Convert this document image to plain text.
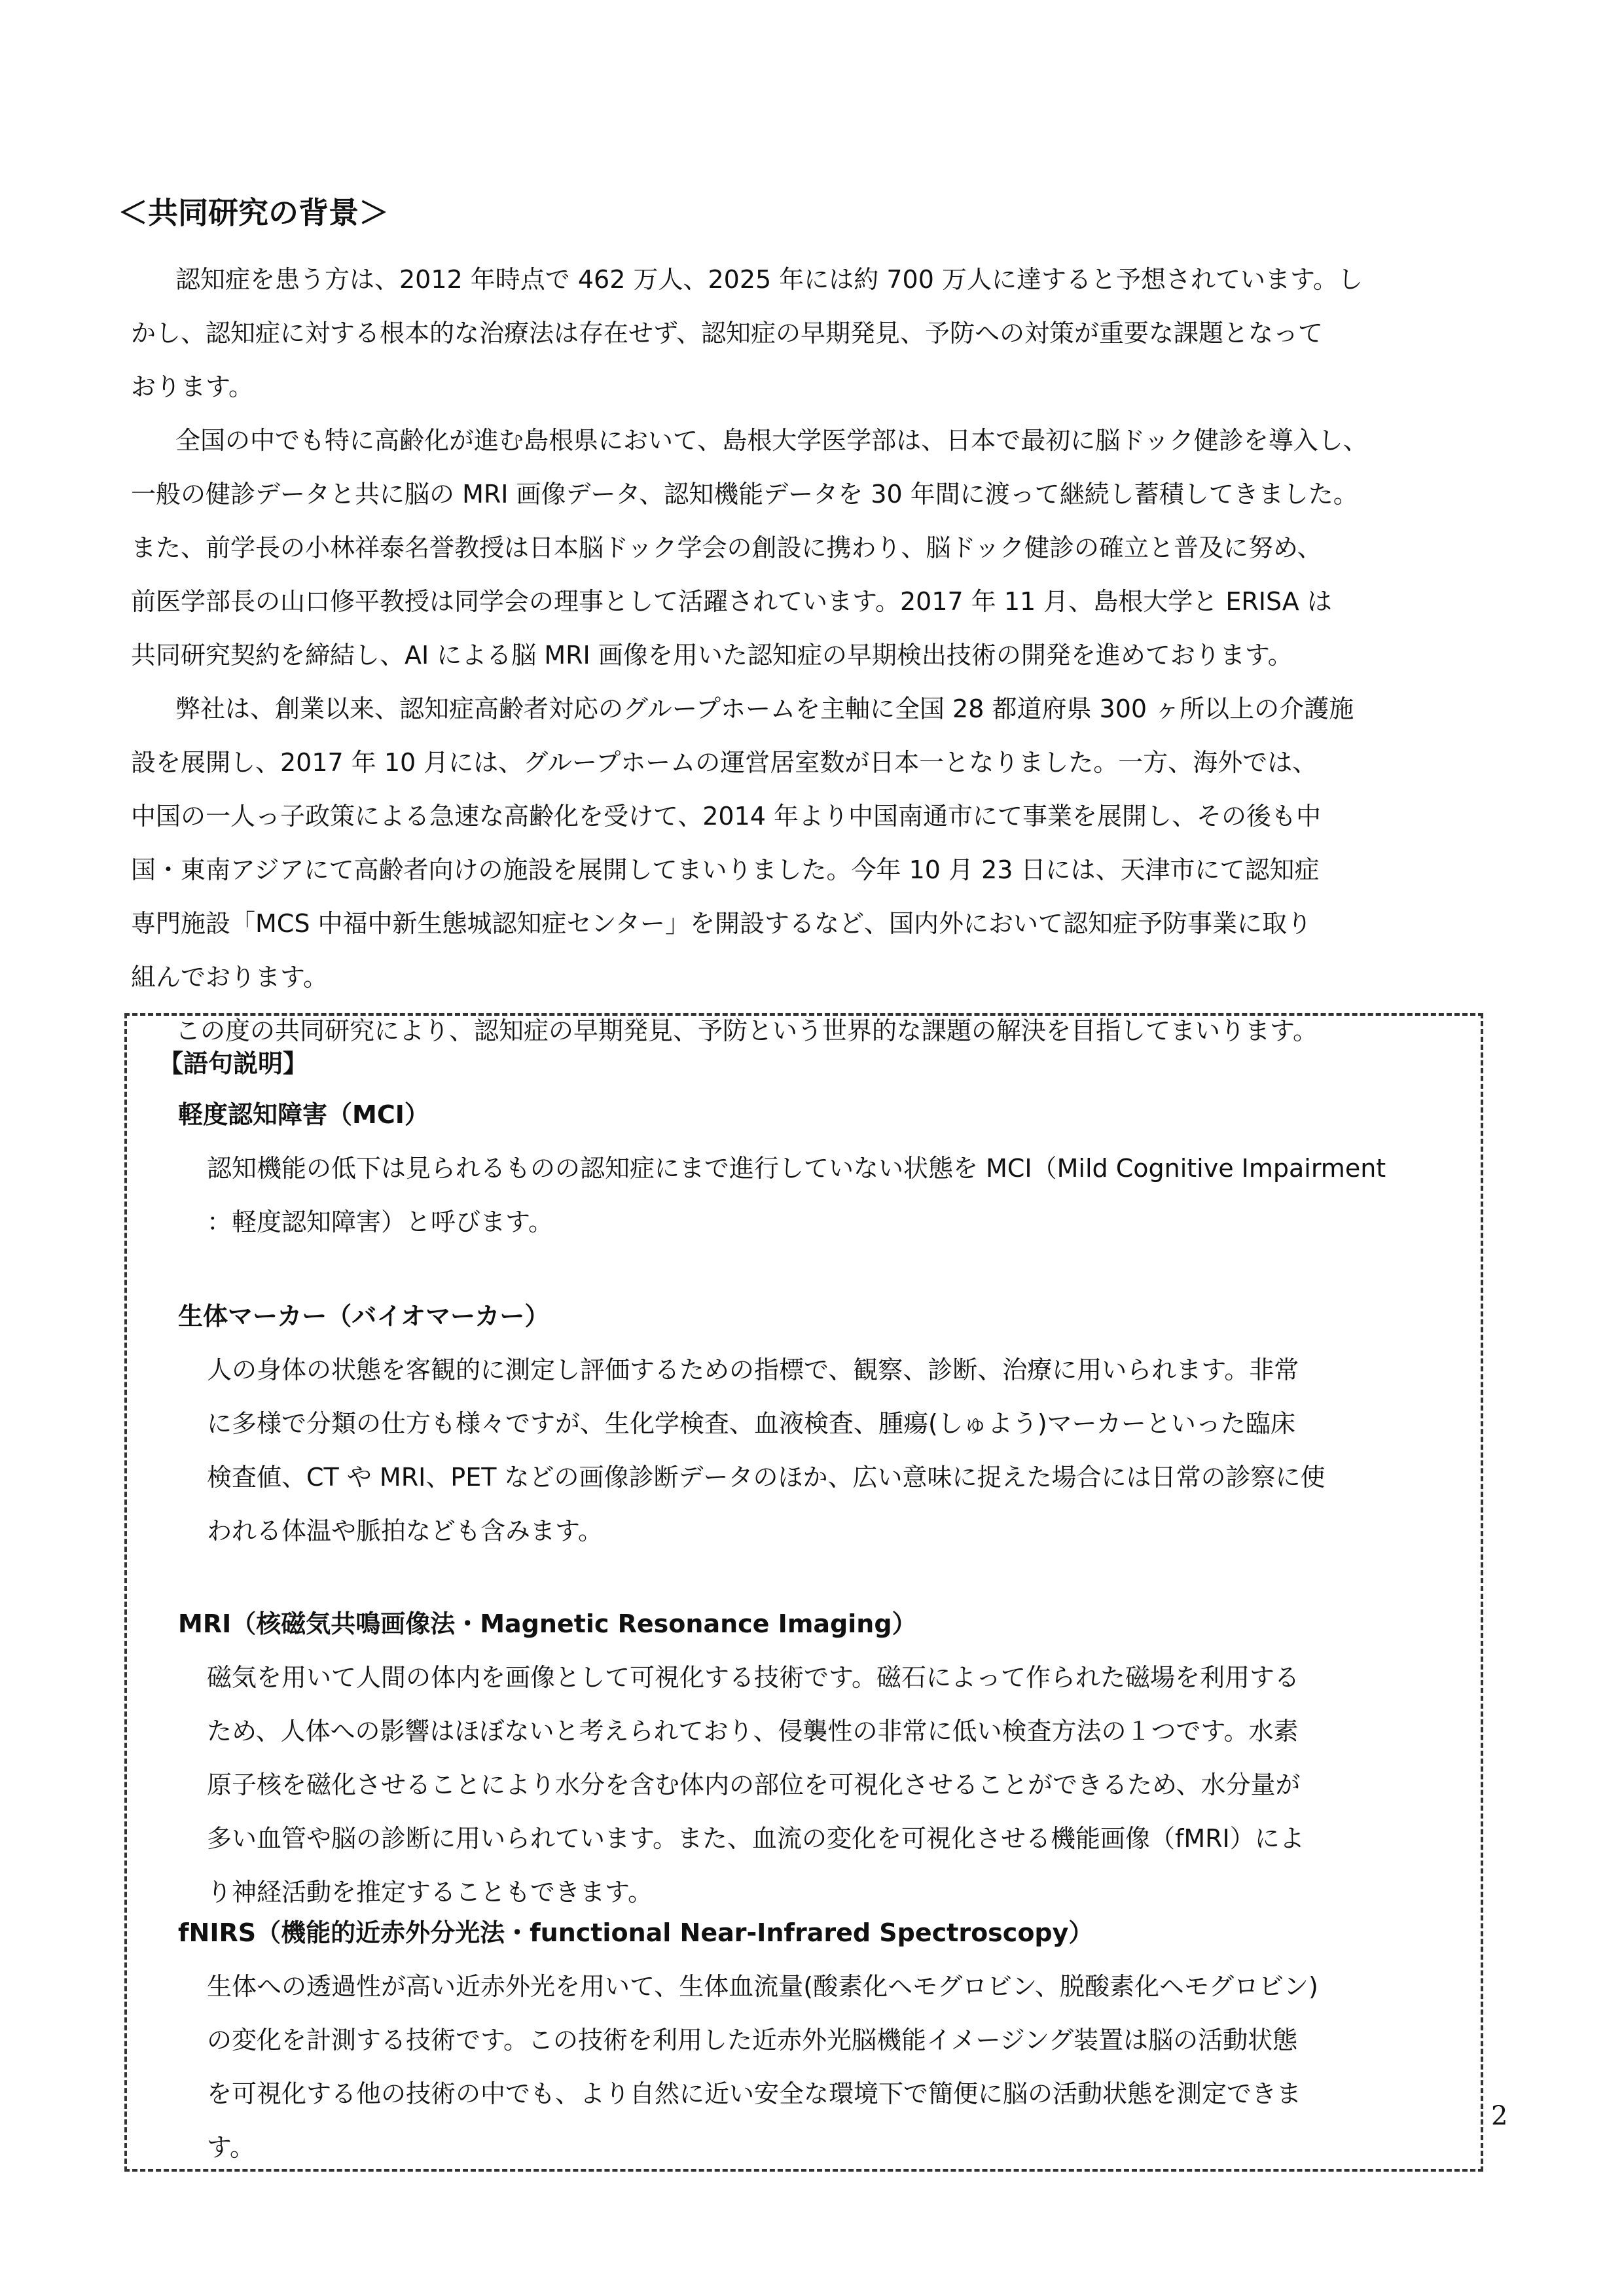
＜共同研究の背景＞
認知症を患う方は、2012 年時点で 462 万人、2025 年には約 700 万人に達すると予想されています。し
かし、認知症に対する根本的な治療法は存在せず、認知症の早期発見、予防への対策が重要な課題となって
おります。
全国の中でも特に高齢化が進む島根県において、島根大学医学部は、日本で最初に脳ドック健診を導入し、
一般の健診データと共に脳の MRI 画像データ、認知機能データを 30 年間に渡って継続し蓄積してきました。
また、前学長の小林祥泰名誉教授は日本脳ドック学会の創設に携わり、脳ドック健診の確立と普及に努め、
前医学部長の山口修平教授は同学会の理事として活躍されています。2017 年 11 月、島根大学と ERISA は
共同研究契約を締結し、AI による脳 MRI 画像を用いた認知症の早期検出技術の開発を進めております。
弊社は、創業以来、認知症高齢者対応のグループホームを主軸に全国 28 都道府県 300 ヶ所以上の介護施
設を展開し、2017 年 10 月には、グループホームの運営居室数が日本一となりました。一方、海外では、
中国の一人っ子政策による急速な高齢化を受けて、2014 年より中国南通市にて事業を展開し、その後も中
国・東南アジアにて高齢者向けの施設を展開してまいりました。今年 10 月 23 日には、天津市にて認知症
専門施設「MCS 中福中新生態城認知症センター」を開設するなど、国内外において認知症予防事業に取り
組んでおります。
この度の共同研究により、認知症の早期発見、予防という世界的な課題の解決を目指してまいります。
【語句説明】
軽度認知障害（MCI）
認知機能の低下は見られるものの認知症にまで進行していない状態を MCI（Mild Cognitive Impairment
：軽度認知障害）と呼びます。
生体マーカー（バイオマーカー）
人の身体の状態を客観的に測定し評価するための指標で、観察、診断、治療に用いられます。非常
に多様で分類の仕方も様々ですが、生化学検査、血液検査、腫瘍(しゅよう)マーカーといった臨床
検査値、CT や MRI、PET などの画像診断データのほか、広い意味に捉えた場合には日常の診察に使
われる体温や脈拍なども含みます。
MRI（核磁気共鳴画像法・Magnetic Resonance Imaging）
磁気を用いて人間の体内を画像として可視化する技術です。磁石によって作られた磁場を利用する
ため、人体への影響はほぼないと考えられており、侵襲性の非常に低い検査方法の１つです。水素
原子核を磁化させることにより水分を含む体内の部位を可視化させることができるため、水分量が
多い血管や脳の診断に用いられています。また、血流の変化を可視化させる機能画像（fMRI）によ
り神経活動を推定することもできます。
fNIRS（機能的近赤外分光法・functional Near-Infrared Spectroscopy）
生体への透過性が高い近赤外光を用いて、生体血流量(酸素化ヘモグロビン、脱酸素化ヘモグロビン)
の変化を計測する技術です。この技術を利用した近赤外光脳機能イメージング装置は脳の活動状態
を可視化する他の技術の中でも、より自然に近い安全な環境下で簡便に脳の活動状態を測定できま
す。
2
